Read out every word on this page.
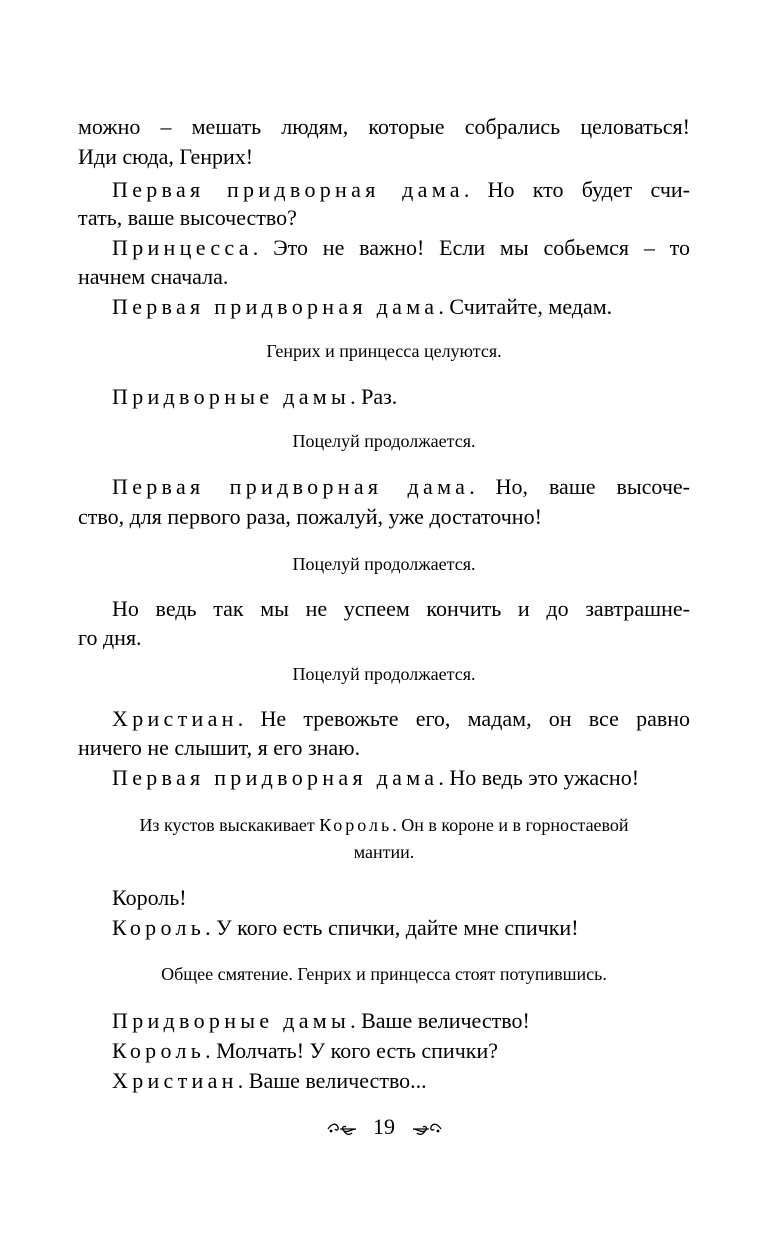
можно – мешать людям, которые собрались целоваться!
Иди сюда, Генрих!
Первая придворная дама. Но кто будет счи-
тать, ваше высочество?
Принцесса. Это не важно! Если мы собьемся – то
начнем сначала.
Первая придворная дама. Считайте, медам.
Генрих и принцесса целуются.
Придворные дамы. Раз.
Поцелуй продолжается.
Первая придворная дама. Но, ваше высоче-
ство, для первого раза, пожалуй, уже достаточно!
Поцелуй продолжается.
Но ведь так мы не успеем кончить и до завтрашне-
го дня.
Поцелуй продолжается.
Христиан. Не тревожьте его, мадам, он все равно
ничего не слышит, я его знаю.
Первая придворная дама. Но ведь это ужасно!
Из кустов выскакивает Король. Он в короне и в горностаевой
мантии.
Король!
Король. У кого есть спички, дайте мне спички!
Общее смятение. Генрих и принцесса стоят потупившись.
Придворные дамы. Ваше величество!
Король. Молчать! У кого есть спички?
Христиан. Ваше величество...
19
